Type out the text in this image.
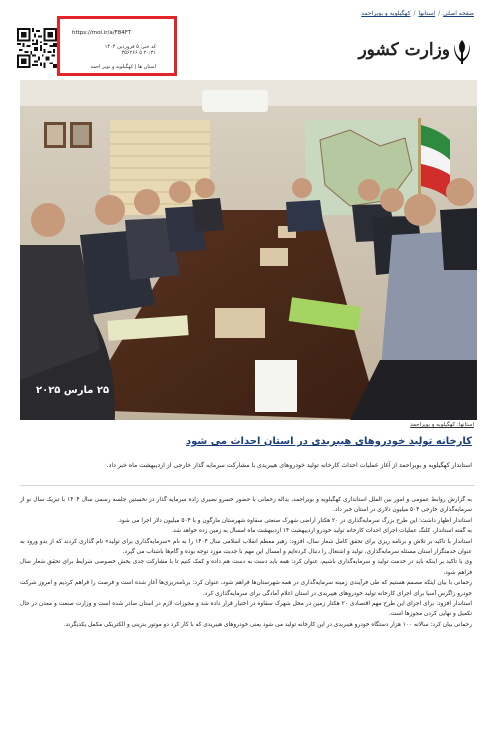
صفحه اصلی/استانها/کهگیلویه و بویراحمد
https://moi.ir/a/F84FT
کد خبر: ۵ فروردین ۱۴۰۴
۲۰:۳۱ ۵ ۳۵۶۲۶۶
استان ها | کهگیلویه و بویر احمد
وزارت کشور
۲۵ مارس ۲۰۲۵
استانها: کهگیلویه و بویراحمد
کارخانه تولید خودروهای هیبریدی در استان احداث می شود
استاندار کهگیلویه و بویراحمد از آغاز عملیات احداث کارخانه تولید خودروهای هیبریدی با مشارکت سرمایه گذار خارجی از اردیبهشت ماه خبر داد.

به گزارش روابط عمومی و امور بین الملل استانداری کهگیلویه و بویراحمد، یداله رحمانی با حضور خسرو نصیری زاده سرمایه گذار در نخستین جلسه رسمی سال ۱۴۰۴ با تبریک سال نو از سرمایه‌گذاری خارجی ۵۰۴ میلیون دلاری در استان خبر داد.

استاندار اظهار داشت: این طرح بزرگ سرمایه‌گذاری در ۲۰ هکتار اراضی شهرک صنعتی سقاوه شهرستان مارگون و با ۵۰۴ میلیون دلار اجرا می شود.

به گفته استاندار، کلنگ عملیات اجرای احداث کارخانه تولید خودرو اردیبهشت ۱۴ اردیبهشت ماه امسال به زمین زده خواهد شد.

استاندار با تاکید بر تلاش و برنامه ریزی برای تحقق کامل شعار سال، افزود: رهبر معظم انقلاب اسلامی سال ۱۴۰۴ را به نام «سرمایه‌گذاری برای تولید» نام گذاری کردند که از بدو ورود به عنوان خدمتگزار استان مسئله سرمایه‌گذاری، تولید و اشتغال را دنبال کرده‌ایم و امسال این مهم با جدیت مورد توجه بوده و گام‌ها باشتاب می گیرد.

وی با تاکید بر اینکه باید در خدمت تولید و سرمایه‌گذاری باشیم، عنوان کرد: همه باید دست به دست هم داده و کمک کنیم تا با مشارکت جدی بخش خصوصی شرایط برای تحقق شعار سال فراهم شود.

رحمانی با بیان اینکه مصمم هستیم که طی فرآیندی زمینه سرمایه‌گذاری در همه شهرستان‌ها فراهم شود، عنوان کرد: برنامه‌ریزی‌ها آغاز شده است و فرصت را فراهم کردیم و امروز شرکت خودرو زاگرس آسیا برای اجرای کارخانه تولید خودروهای هیبریدی در استان اعلام آمادگی برای سرمایه‌گذاری کرد.

استاندار افزود: برای اجرای این طرح مهم اقتصادی ۲۰ هکتار زمین در محل شهرک سقاوه در اختیار قرار داده شد و مجوزات لازم در استان صادر شده است و وزارت صنعت و معدن در حال تکمیل و نهایی کردن مجوزها است.

رحمانی بیان کرد: سالانه ۱۰۰ هزار دستگاه خودرو هیبریدی در این کارخانه تولید می شود یعنی خودروهای هیبریدی که با کار کرد دو موتور بنزینی و الکتریکی مکمل یکدیگرند.
